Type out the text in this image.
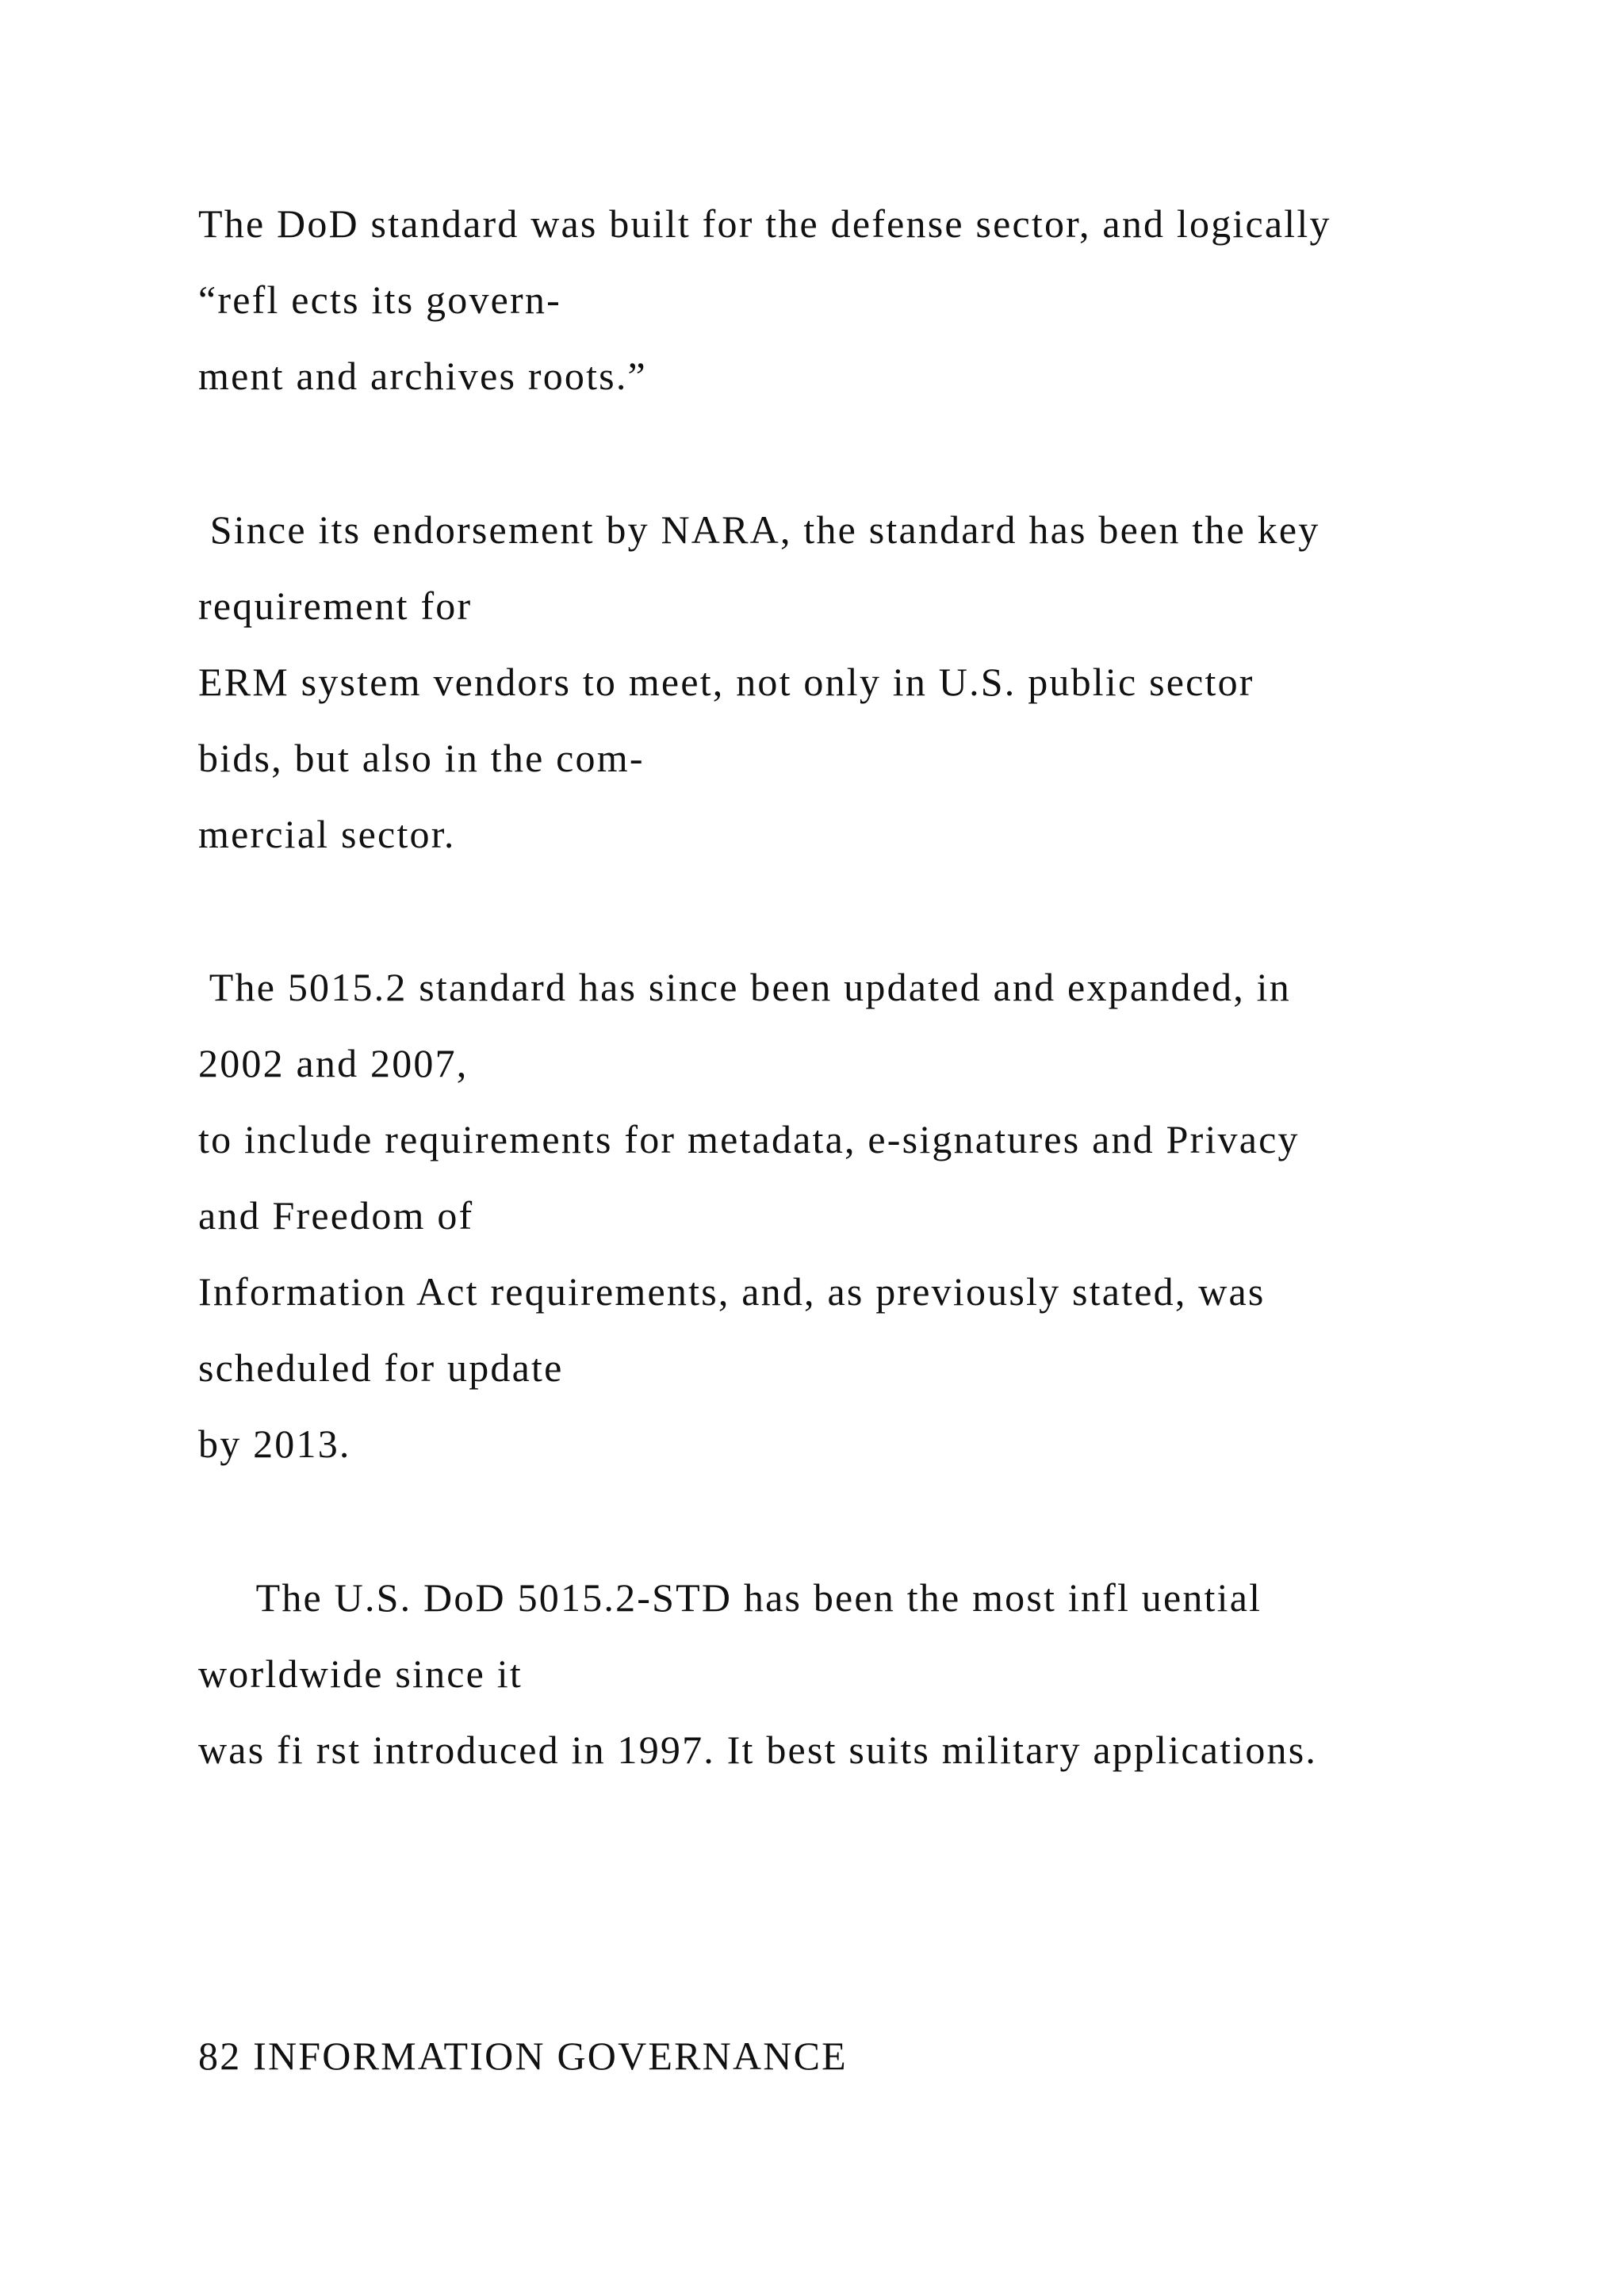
The DoD standard was built for the defense sector, and logically

“refl ects its govern-

ment and archives roots.”

Since its endorsement by NARA, the standard has been the key

requirement for

ERM system vendors to meet, not only in U.S. public sector

bids, but also in the com-

mercial sector.

The 5015.2 standard has since been updated and expanded, in

2002 and 2007,

to include requirements for metadata, e-signatures and Privacy

and Freedom of

Information Act requirements, and, as previously stated, was

scheduled for update

by 2013.

The U.S. DoD 5015.2-STD has been the most infl uential

worldwide since it

was fi rst introduced in 1997. It best suits military applications.

82 INFORMATION GOVERNANCE
